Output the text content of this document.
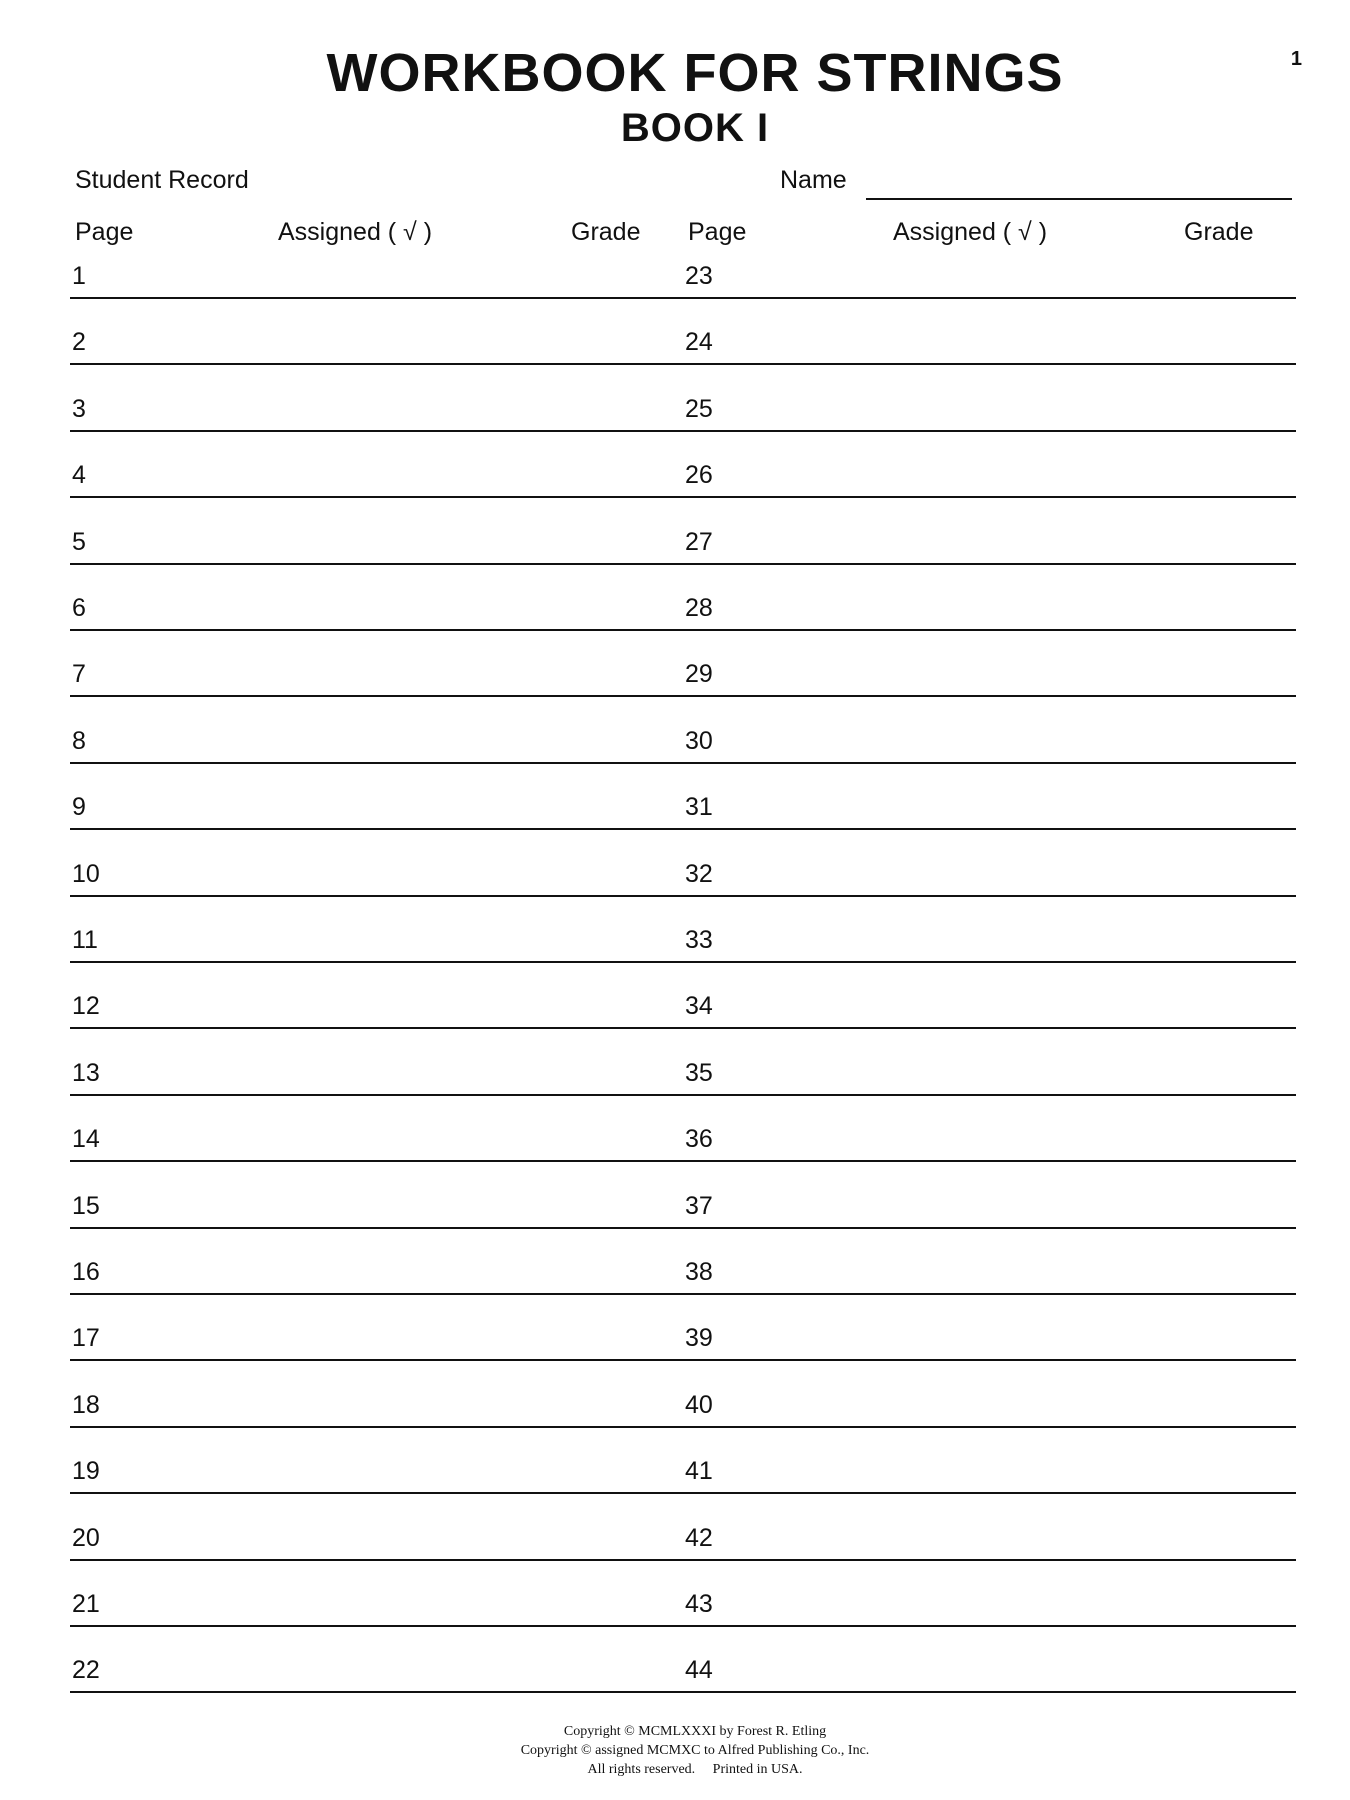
1
WORKBOOK FOR STRINGS
BOOK I
Student Record	Name
Page	Assigned ( √ )	Grade Page	Assigned ( √ )	Grade
1	23
2	24
3	25
4	26
5	27
6	28
7	29
8	30
9	31
10	32
11	33
12	34
13	35
14	36
15	37
16	38
17	39
18	40
19	41
20	42
21	43
22	44
Copyright © MCMLXXXI by Forest R. Etling
Copyright © assigned MCMXC to Alfred Publishing Co., Inc.
All rights reserved.     Printed in USA.
